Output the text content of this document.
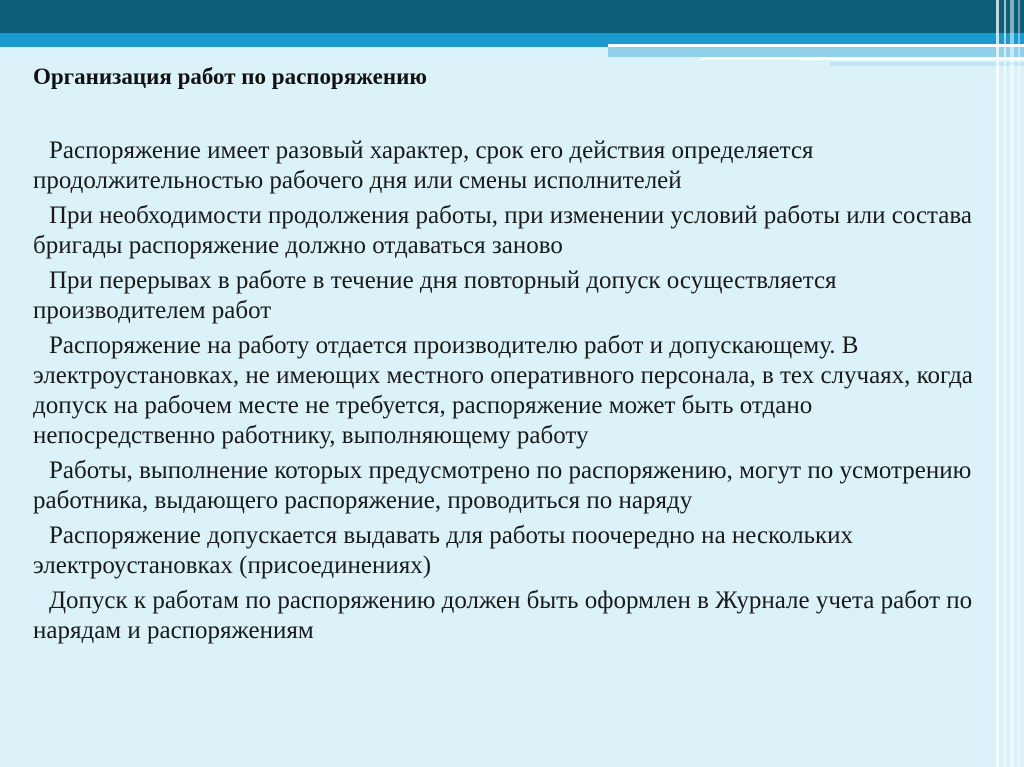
Организация работ по распоряжению

Распоряжение имеет разовый характер, срок его действия определяется продолжительностью рабочего дня или смены исполнителей

При необходимости продолжения работы, при изменении условий работы или состава бригады распоряжение должно отдаваться заново

При перерывах в работе в течение дня повторный допуск осуществляется производителем работ

Распоряжение на работу отдается производителю работ и допускающему. В электроустановках, не имеющих местного оперативного персонала, в тех случаях, когда допуск на рабочем месте не требуется, распоряжение может быть отдано непосредственно работнику, выполняющему работу

Работы, выполнение которых предусмотрено по распоряжению, могут по усмотрению работника, выдающего распоряжение, проводиться по наряду

Распоряжение допускается выдавать для работы поочередно на нескольких электроустановках (присоединениях)

Допуск к работам по распоряжению должен быть оформлен в Журнале учета работ по нарядам и распоряжениям
